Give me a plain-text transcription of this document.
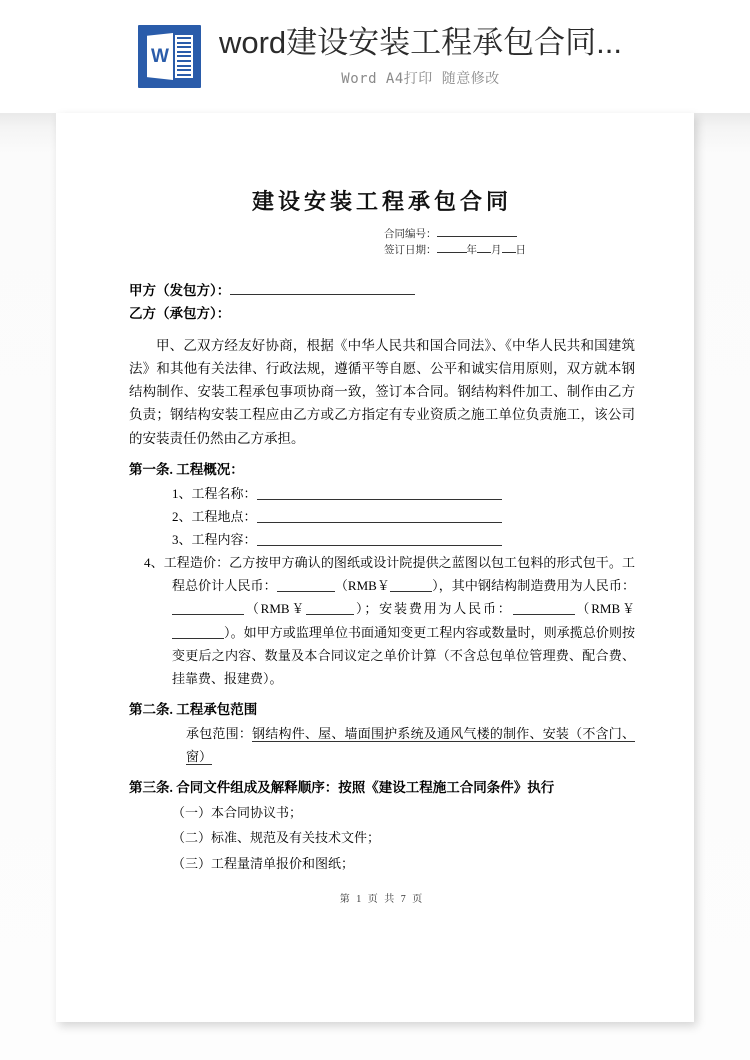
W word建设安装工程承包合同...
Word A4打印 随意修改
建设安装工程承包合同
合同编号：
签订日期：	年 月 日
甲方（发包方）：
乙方（承包方）：
甲、乙双方经友好协商，根据《中华人民共和国合同法》、《中华人民共和国建筑法》和其他有关法律、行政法规，遵循平等自愿、公平和诚实信用原则，双方就本钢结构制作、安装工程承包事项协商一致，签订本合同。钢结构料件加工、制作由乙方负责；钢结构安装工程应由乙方或乙方指定有专业资质之施工单位负责施工，该公司的安装责任仍然由乙方承担。
第一条. 工程概况：
1、工程名称：
2、工程地点：
3、工程内容：
4、工程造价：乙方按甲方确认的图纸或设计院提供之蓝图以包工包料的形式包干。工程总价计人民币：	（RMB￥	），其中钢结构制造费用为人民币：（RMB￥	）；安装费用为人民币：	（RMB￥）。如甲方或监理单位书面通知变更工程内容或数量时，则承揽总价则按变更后之内容、数量及本合同议定之单价计算（不含总包单位管理费、配合费、挂靠费、报建费）。
第二条. 工程承包范围
承包范围：钢结构件、屋、墙面围护系统及通风气楼的制作、安装（不含门、窗）
第三条. 合同文件组成及解释顺序：按照《建设工程施工合同条件》执行
（一）本合同协议书；
（二）标准、规范及有关技术文件；
（三）工程量清单报价和图纸；
第 1 页 共 7 页
